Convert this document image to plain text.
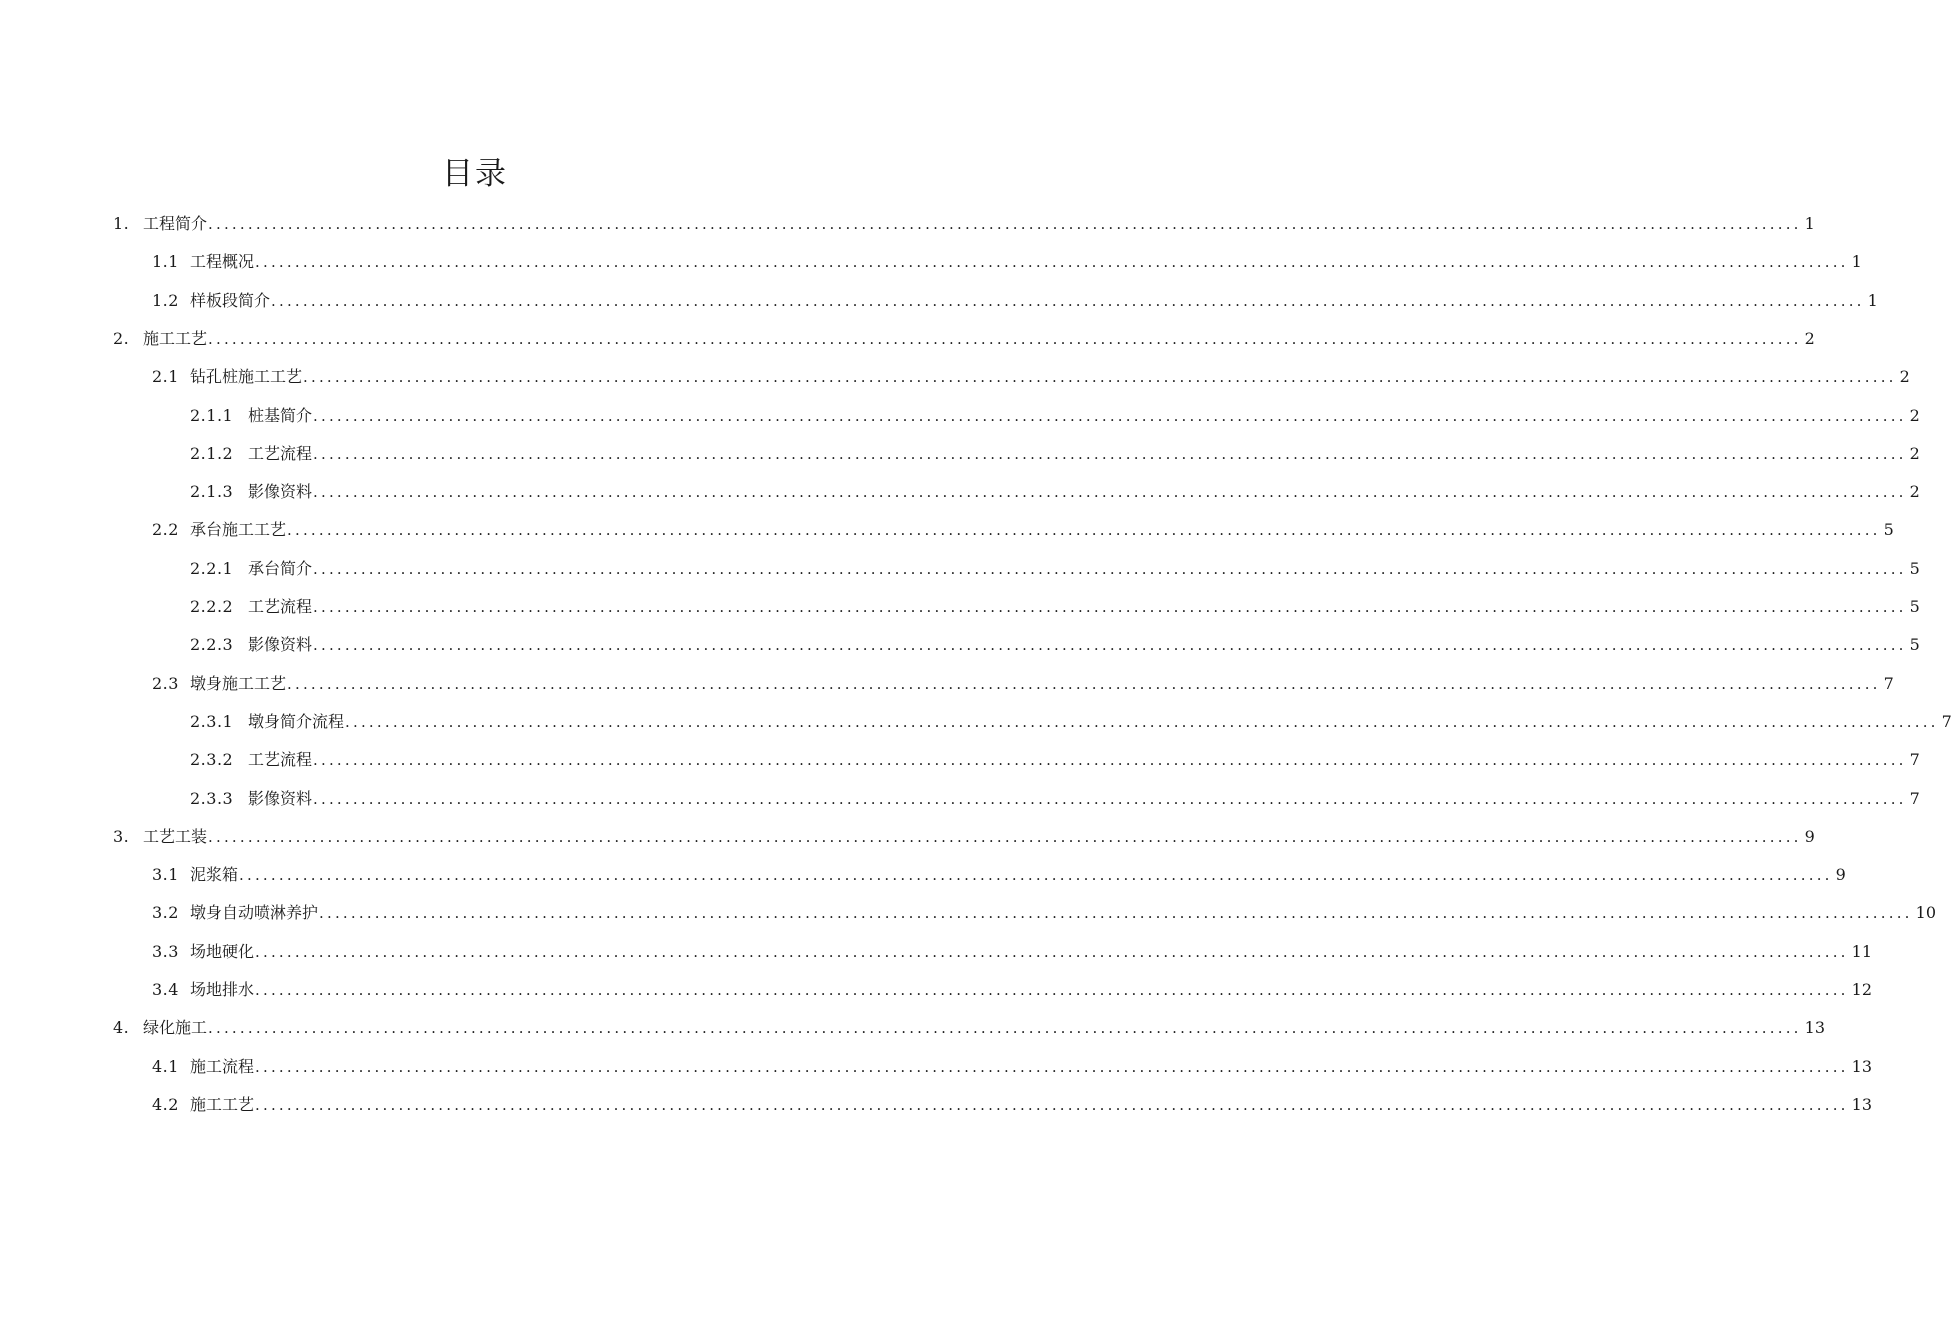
目录
1. 工程简介 ........................................................................................................................................................................................................ 1
1.1 工程概况 ........................................................................................................................................................................................................ 1
1.2 样板段简介 ........................................................................................................................................................................................................ 1
2. 施工工艺 ........................................................................................................................................................................................................ 2
2.1 钻孔桩施工工艺 ........................................................................................................................................................................................................ 2
2.1.1 桩基简介 ........................................................................................................................................................................................................ 2
2.1.2 工艺流程 ........................................................................................................................................................................................................ 2
2.1.3 影像资料 ........................................................................................................................................................................................................ 2
2.2 承台施工工艺 ........................................................................................................................................................................................................ 5
2.2.1 承台简介 ........................................................................................................................................................................................................ 5
2.2.2 工艺流程 ........................................................................................................................................................................................................ 5
2.2.3 影像资料 ........................................................................................................................................................................................................ 5
2.3 墩身施工工艺 ........................................................................................................................................................................................................ 7
2.3.1 墩身简介流程 ........................................................................................................................................................................................................ 7
2.3.2 工艺流程 ........................................................................................................................................................................................................ 7
2.3.3 影像资料 ........................................................................................................................................................................................................ 7
3. 工艺工装 ........................................................................................................................................................................................................ 9
3.1 泥浆箱 ........................................................................................................................................................................................................ 9
3.2 墩身自动喷淋养护 ........................................................................................................................................................................................................ 10
3.3 场地硬化 ........................................................................................................................................................................................................ 11
3.4 场地排水 ........................................................................................................................................................................................................ 12
4. 绿化施工 ........................................................................................................................................................................................................ 13
4.1 施工流程 ........................................................................................................................................................................................................ 13
4.2 施工工艺 ........................................................................................................................................................................................................ 13
